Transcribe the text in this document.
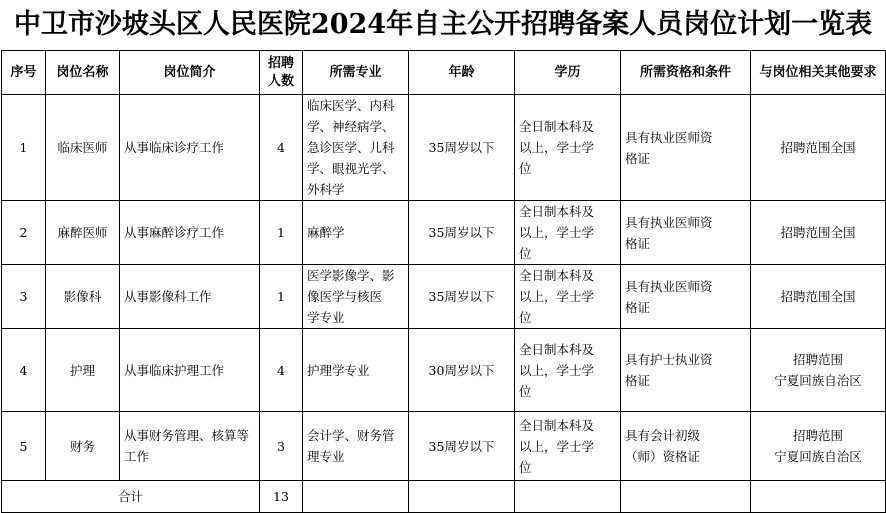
中卫市沙坡头区人民医院2024年自主公开招聘备案人员岗位计划一览表
序号	岗位名称	岗位简介	招聘人数	所需专业	年龄	学历	所需资格和条件	与岗位相关其他要求
1	临床医师	从事临床诊疗工作	4	临床医学、内科
学、神经病学、
急诊医学、儿科
学、眼视光学、
外科学	35周岁以下	全日制本科及
以上，学士学
位	具有执业医师资
格证	招聘范围全国

2	麻醉医师	从事麻醉诊疗工作	1	麻醉学	35周岁以下	全日制本科及
以上，学士学
位	具有执业医师资
格证	招聘范围全国

3	影像科	从事影像科工作	1	医学影像学、影
像医学与核医
学专业	35周岁以下	全日制本科及
以上，学士学
位	具有执业医师资
格证	招聘范围全国

4	护理	从事临床护理工作	4	护理学专业	30周岁以下	全日制本科及
以上，学士学
位	具有护士执业资
格证	招聘范围
宁夏回族自治区

5	财务	从事财务管理、核算等工作	3	会计学、财务管
理专业	35周岁以下	全日制本科及
以上，学士学
位	具有会计初级
（师）资格证	招聘范围
宁夏回族自治区

合计			13					
